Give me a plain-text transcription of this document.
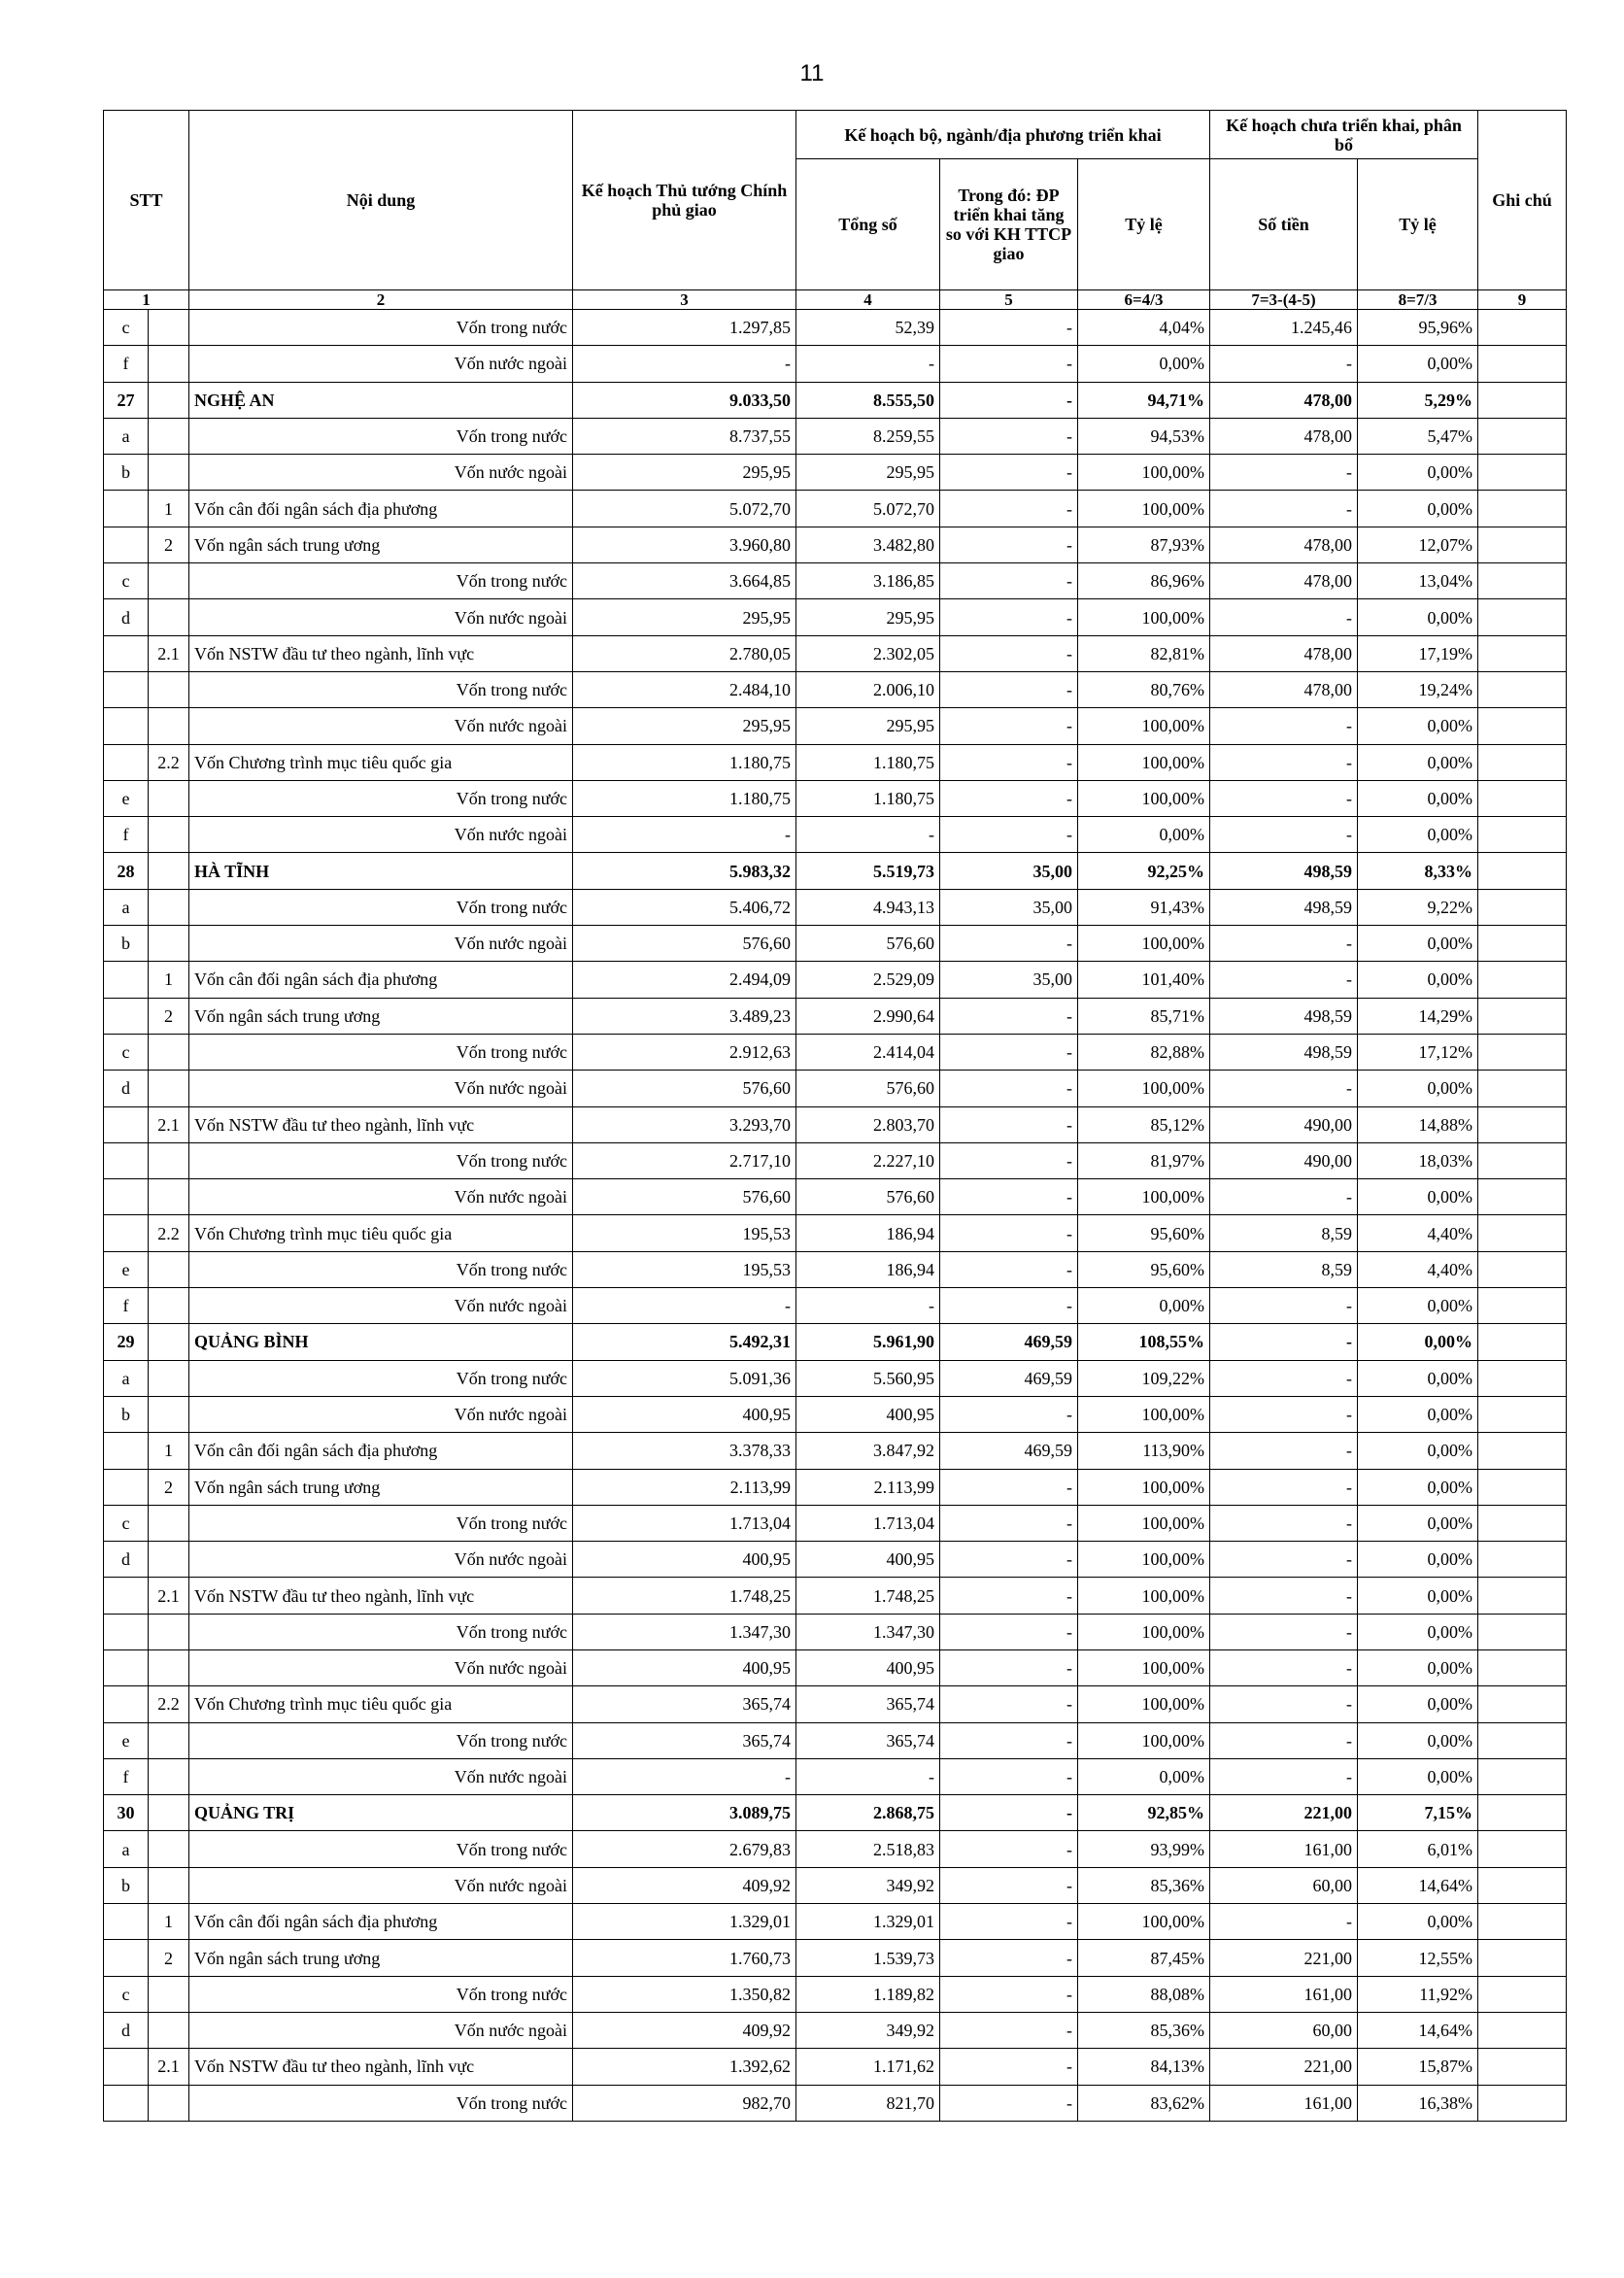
11
STT		Nội dung	Kế hoạch Thủ tướng Chính phủ giao	Kế hoạch bộ, ngành/địa phương triển khai			Kế hoạch chưa triển khai, phân bổ		Ghi chú
				Tổng số	Trong đó: ĐP triển khai tăng so với KH TTCP giao	Tỷ lệ	Số tiền	Tỷ lệ	
1		2	3	4	5	6=4/3	7=3-(4-5)	8=7/3	9
c		Vốn trong nước	1.297,85	52,39	-	4,04%	1.245,46	95,96%	
f		Vốn nước ngoài	-	-	-	0,00%	-	0,00%	
27		NGHỆ AN	9.033,50	8.555,50	-	94,71%	478,00	5,29%	
a		Vốn trong nước	8.737,55	8.259,55	-	94,53%	478,00	5,47%	
b		Vốn nước ngoài	295,95	295,95	-	100,00%	-	0,00%	
	1	Vốn cân đối ngân sách địa phương	5.072,70	5.072,70	-	100,00%	-	0,00%	
	2	Vốn ngân sách trung ương	3.960,80	3.482,80	-	87,93%	478,00	12,07%	
c		Vốn trong nước	3.664,85	3.186,85	-	86,96%	478,00	13,04%	
d		Vốn nước ngoài	295,95	295,95	-	100,00%	-	0,00%	
	2.1	Vốn NSTW đầu tư theo ngành, lĩnh vực	2.780,05	2.302,05	-	82,81%	478,00	17,19%	
		Vốn trong nước	2.484,10	2.006,10	-	80,76%	478,00	19,24%	
		Vốn nước ngoài	295,95	295,95	-	100,00%	-	0,00%	
	2.2	Vốn Chương trình mục tiêu quốc gia	1.180,75	1.180,75	-	100,00%	-	0,00%	
e		Vốn trong nước	1.180,75	1.180,75	-	100,00%	-	0,00%	
f		Vốn nước ngoài	-	-	-	0,00%	-	0,00%	
28		HÀ TĨNH	5.983,32	5.519,73	35,00	92,25%	498,59	8,33%	
a		Vốn trong nước	5.406,72	4.943,13	35,00	91,43%	498,59	9,22%	
b		Vốn nước ngoài	576,60	576,60	-	100,00%	-	0,00%	
	1	Vốn cân đối ngân sách địa phương	2.494,09	2.529,09	35,00	101,40%	-	0,00%	
	2	Vốn ngân sách trung ương	3.489,23	2.990,64	-	85,71%	498,59	14,29%	
c		Vốn trong nước	2.912,63	2.414,04	-	82,88%	498,59	17,12%	
d		Vốn nước ngoài	576,60	576,60	-	100,00%	-	0,00%	
	2.1	Vốn NSTW đầu tư theo ngành, lĩnh vực	3.293,70	2.803,70	-	85,12%	490,00	14,88%	
		Vốn trong nước	2.717,10	2.227,10	-	81,97%	490,00	18,03%	
		Vốn nước ngoài	576,60	576,60	-	100,00%	-	0,00%	
	2.2	Vốn Chương trình mục tiêu quốc gia	195,53	186,94	-	95,60%	8,59	4,40%	
e		Vốn trong nước	195,53	186,94	-	95,60%	8,59	4,40%	
f		Vốn nước ngoài	-	-	-	0,00%	-	0,00%	
29		QUẢNG BÌNH	5.492,31	5.961,90	469,59	108,55%	-	0,00%	
a		Vốn trong nước	5.091,36	5.560,95	469,59	109,22%	-	0,00%	
b		Vốn nước ngoài	400,95	400,95	-	100,00%	-	0,00%	
	1	Vốn cân đối ngân sách địa phương	3.378,33	3.847,92	469,59	113,90%	-	0,00%	
	2	Vốn ngân sách trung ương	2.113,99	2.113,99	-	100,00%	-	0,00%	
c		Vốn trong nước	1.713,04	1.713,04	-	100,00%	-	0,00%	
d		Vốn nước ngoài	400,95	400,95	-	100,00%	-	0,00%	
	2.1	Vốn NSTW đầu tư theo ngành, lĩnh vực	1.748,25	1.748,25	-	100,00%	-	0,00%	
		Vốn trong nước	1.347,30	1.347,30	-	100,00%	-	0,00%	
		Vốn nước ngoài	400,95	400,95	-	100,00%	-	0,00%	
	2.2	Vốn Chương trình mục tiêu quốc gia	365,74	365,74	-	100,00%	-	0,00%	
e		Vốn trong nước	365,74	365,74	-	100,00%	-	0,00%	
f		Vốn nước ngoài	-	-	-	0,00%	-	0,00%	
30		QUẢNG TRỊ	3.089,75	2.868,75	-	92,85%	221,00	7,15%	
a		Vốn trong nước	2.679,83	2.518,83	-	93,99%	161,00	6,01%	
b		Vốn nước ngoài	409,92	349,92	-	85,36%	60,00	14,64%	
	1	Vốn cân đối ngân sách địa phương	1.329,01	1.329,01	-	100,00%	-	0,00%	
	2	Vốn ngân sách trung ương	1.760,73	1.539,73	-	87,45%	221,00	12,55%	
c		Vốn trong nước	1.350,82	1.189,82	-	88,08%	161,00	11,92%	
d		Vốn nước ngoài	409,92	349,92	-	85,36%	60,00	14,64%	
	2.1	Vốn NSTW đầu tư theo ngành, lĩnh vực	1.392,62	1.171,62	-	84,13%	221,00	15,87%	
		Vốn trong nước	982,70	821,70	-	83,62%	161,00	16,38%	
